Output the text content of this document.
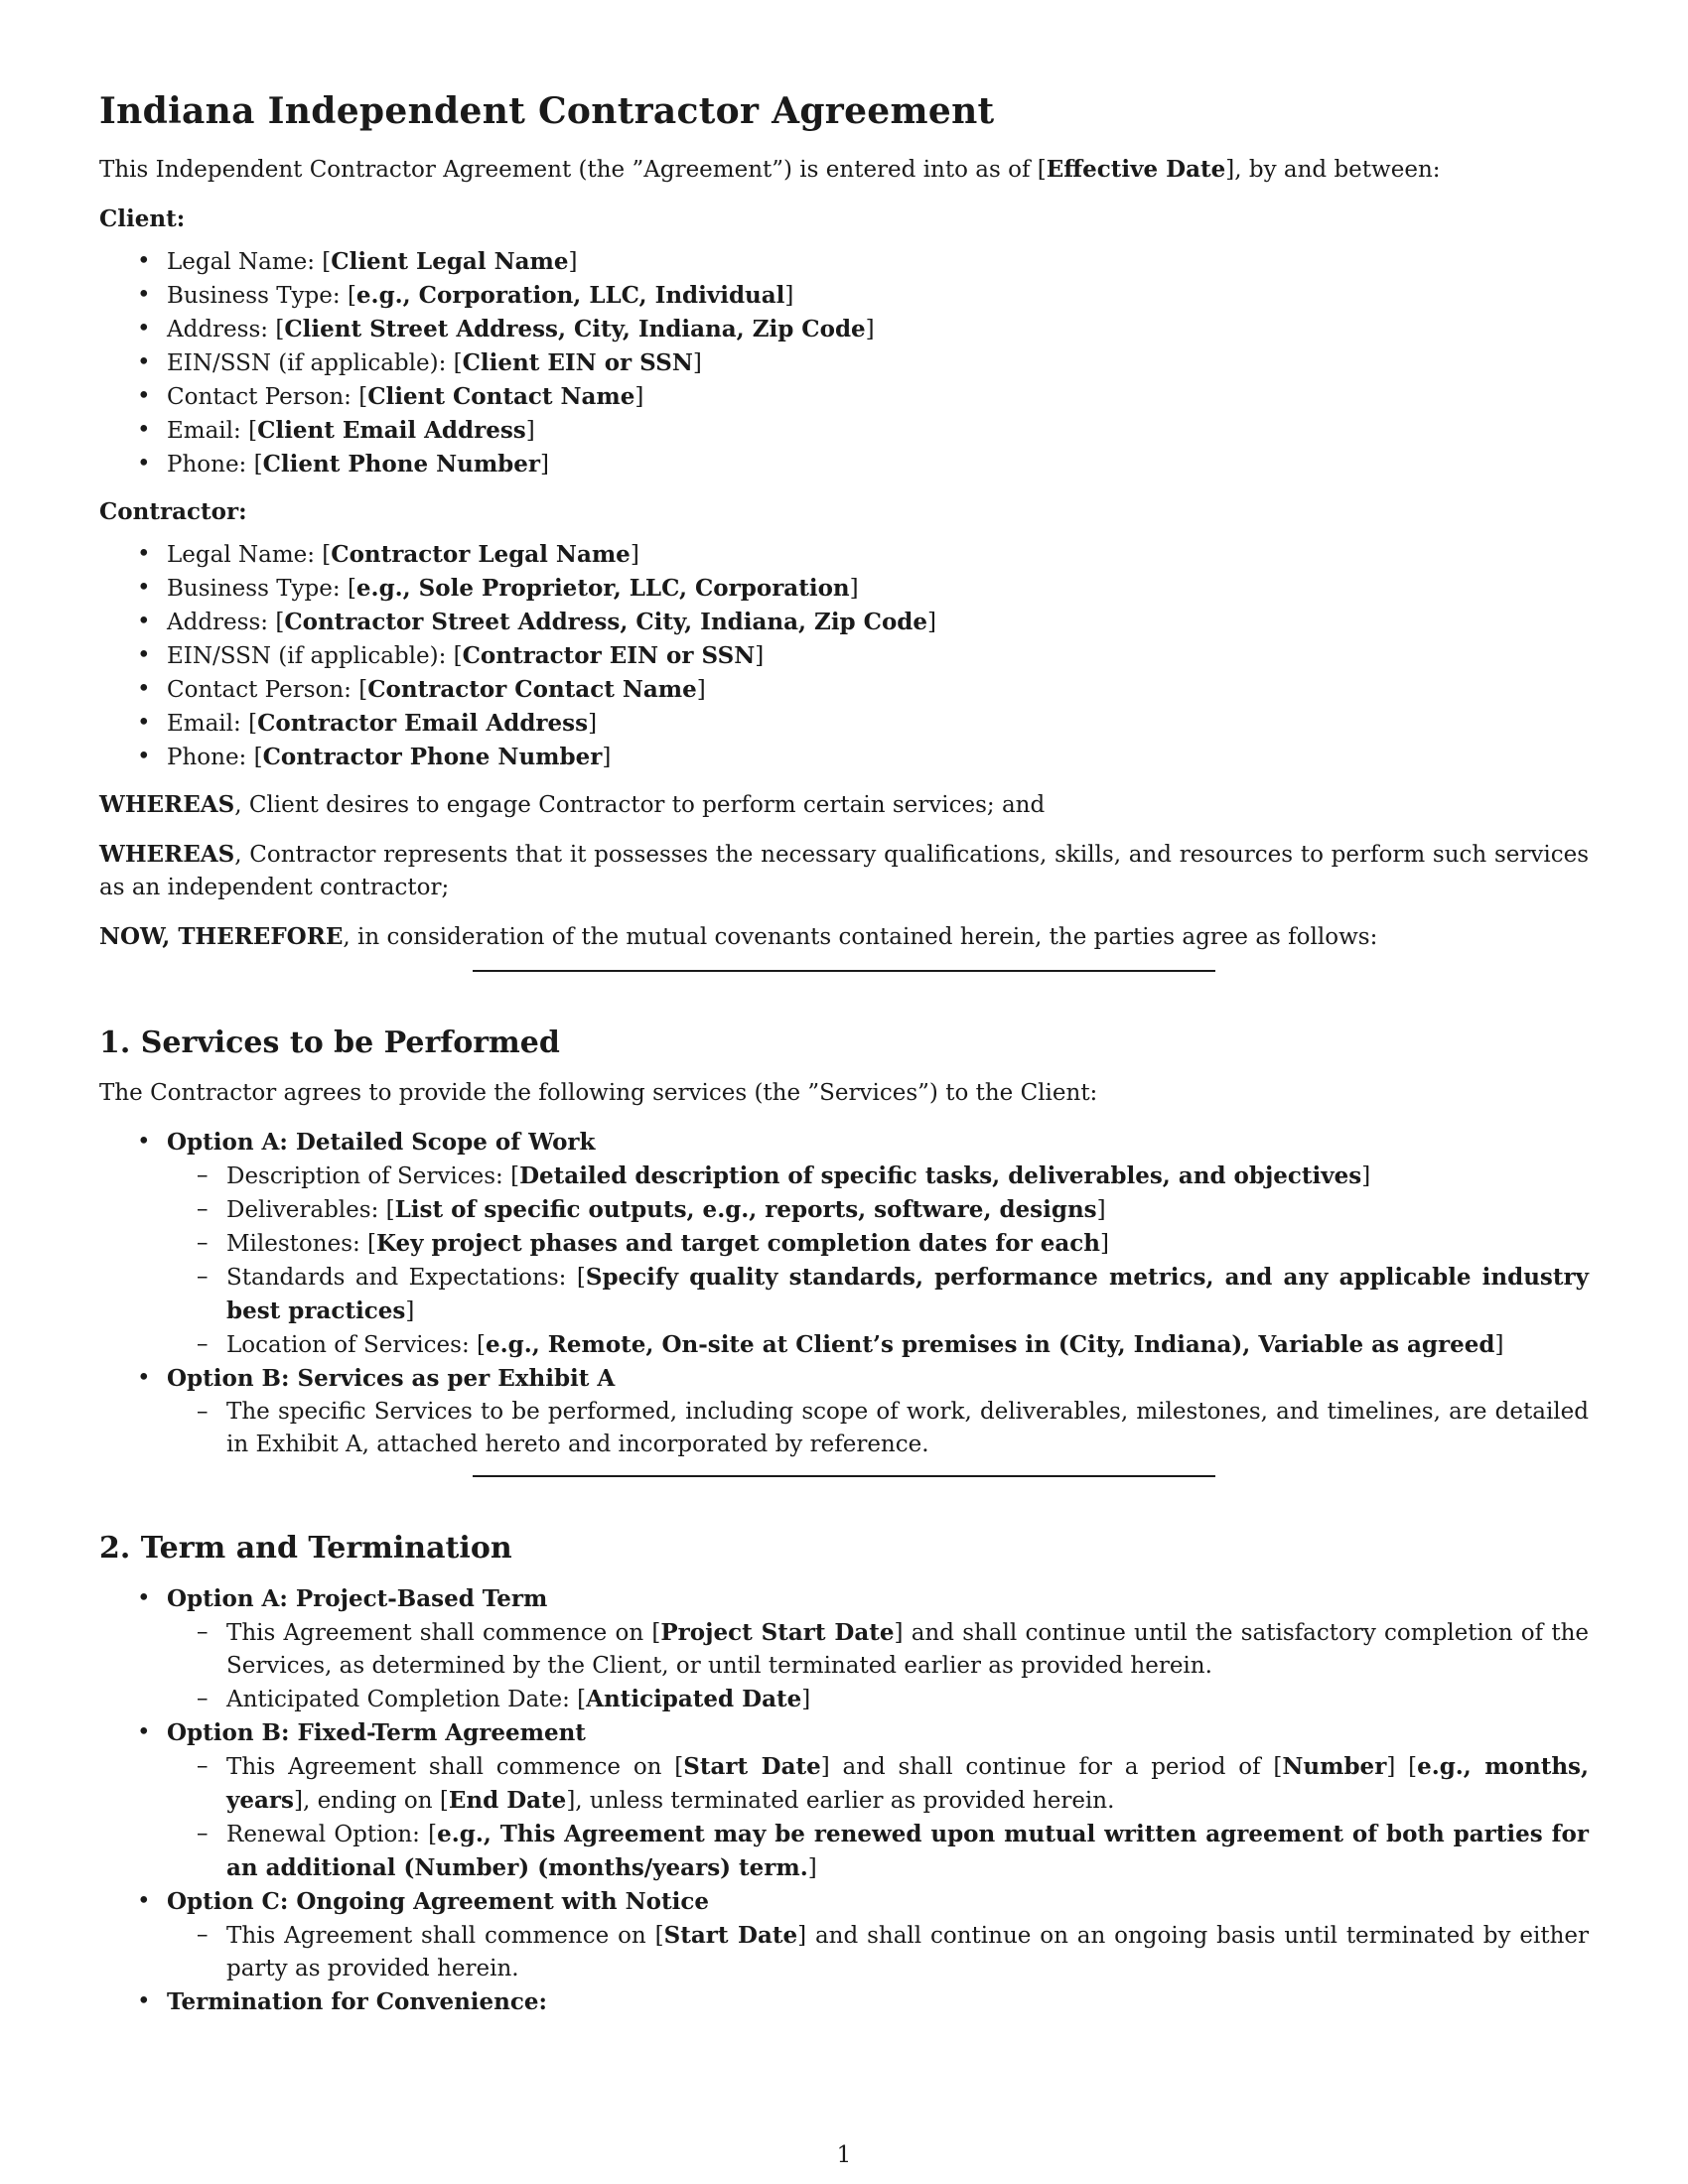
Indiana Independent Contractor Agreement

This Independent Contractor Agreement (the ”Agreement”) is entered into as of [Effective Date], by and between:

Client:

• Legal Name: [Client Legal Name]
• Business Type: [e.g., Corporation, LLC, Individual]
• Address: [Client Street Address, City, Indiana, Zip Code]
• EIN/SSN (if applicable): [Client EIN or SSN]
• Contact Person: [Client Contact Name]
• Email: [Client Email Address]
• Phone: [Client Phone Number]

Contractor:

• Legal Name: [Contractor Legal Name]
• Business Type: [e.g., Sole Proprietor, LLC, Corporation]
• Address: [Contractor Street Address, City, Indiana, Zip Code]
• EIN/SSN (if applicable): [Contractor EIN or SSN]
• Contact Person: [Contractor Contact Name]
• Email: [Contractor Email Address]
• Phone: [Contractor Phone Number]

WHEREAS, Client desires to engage Contractor to perform certain services; and

WHEREAS, Contractor represents that it possesses the necessary qualifications, skills, and resources to perform such services as an independent contractor;

NOW, THEREFORE, in consideration of the mutual covenants contained herein, the parties agree as follows:

1. Services to be Performed

The Contractor agrees to provide the following services (the ”Services”) to the Client:

• Option A: Detailed Scope of Work
– Description of Services: [Detailed description of specific tasks, deliverables, and objectives]
– Deliverables: [List of specific outputs, e.g., reports, software, designs]
– Milestones: [Key project phases and target completion dates for each]
– Standards and Expectations: [Specify quality standards, performance metrics, and any applicable industry best practices]
– Location of Services: [e.g., Remote, On-site at Client’s premises in (City, Indiana), Variable as agreed]
• Option B: Services as per Exhibit A
– The specific Services to be performed, including scope of work, deliverables, milestones, and timelines, are detailed in Exhibit A, attached hereto and incorporated by reference.
2. Term and Termination
• Option A: Project-Based Term
– This Agreement shall commence on [Project Start Date] and shall continue until the satisfactory completion of the Services, as determined by the Client, or until terminated earlier as provided herein.
– Anticipated Completion Date: [Anticipated Date]
• Option B: Fixed-Term Agreement
– This Agreement shall commence on [Start Date] and shall continue for a period of [Number] [e.g., months, years], ending on [End Date], unless terminated earlier as provided herein.
– Renewal Option: [e.g., This Agreement may be renewed upon mutual written agreement of both parties for an additional (Number) (months/years) term.]
• Option C: Ongoing Agreement with Notice
– This Agreement shall commence on [Start Date] and shall continue on an ongoing basis until terminated by either party as provided herein.
• Termination for Convenience:
1
